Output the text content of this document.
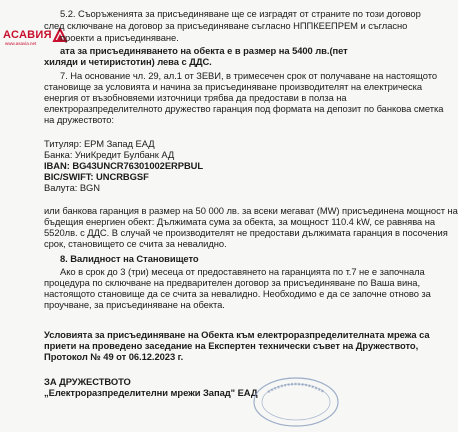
АСАВИЯ
www.asavia.net
5.2. Съоръженията за присъединяване ще се изградят от страните по този договор
след сключване на договор за присъединяване съгласно НППКЕЕПРЕМ и съгласно
проекти а присъединяване.
ата за присъединяването на обекта е в размер на 5400 лв.(пет
хиляди и четиристотин) лева с ДДС.
7. На основание чл. 29, ал.1 от ЗЕВИ, в тримесечен срок от получаване на настоящото
становище за условията и начина за присъединяване производителят на електрическа
енергия от възобновяеми източници трябва да предостави в полза на
електроразпределителното дружество гаранция под формата на депозит по банкова сметка
на дружеството:
Титуляр: ЕРМ Запад ЕАД
Банка: УниКредит Булбанк АД
IBAN: BG43UNCR76301002ERPBUL
BIC/SWIFT: UNCRBGSF
Валута: BGN
или банкова гаранция в размер на 50 000 лв. за всеки мегават (MW) присъединена мощност на
бъдещия енергиен обект: Дължимата сума за обекта, за мощност 110.4 kW, се равнява на
5520лв. с ДДС. В случай че производителят не предостави дължимата гаранция в посочения
срок, становището се счита за невалидно.
8. Валидност на Становището
Ако в срок до 3 (три) месеца от предоставянето на гаранцията по т.7 не е започнала
процедура по сключване на предварителен договор за присъединяване по Ваша вина,
настоящото становище да се счита за невалидно. Необходимо е да се започне отново за
проучване, за присъединяване на обекта.
Условията за присъединяване на Обекта към електроразпределителната мрежа са
приети на проведено заседание на Експертен технически съвет на Дружеството,
Протокол № 49 от 06.12.2023 г.
ЗА ДРУЖЕСТВОТО
„Електроразпределителни мрежи Запад" ЕАД
